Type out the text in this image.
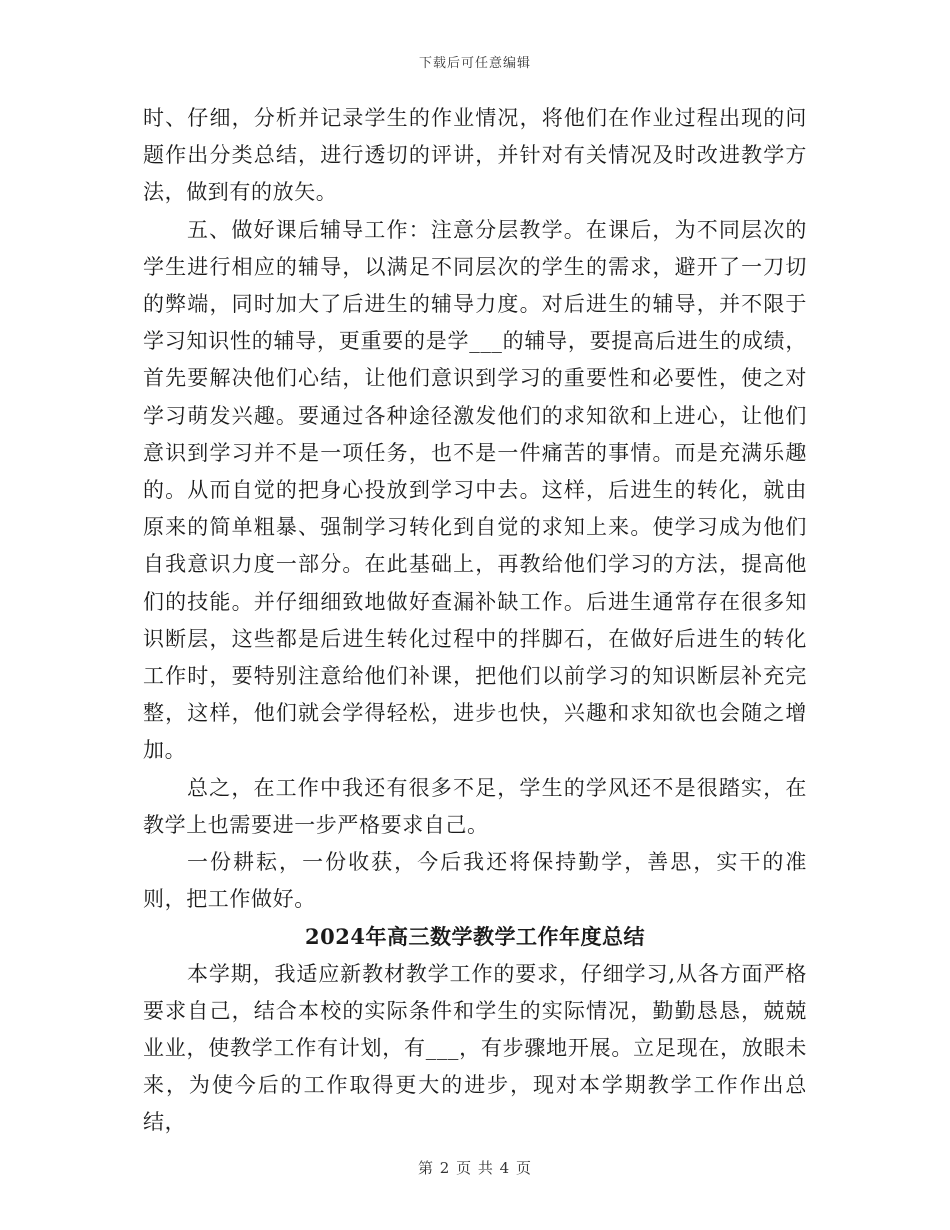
下载后可任意编辑

时、仔细，分析并记录学生的作业情况，将他们在作业过程出现的问题作出分类总结，进行透切的评讲，并针对有关情况及时改进教学方法，做到有的放矢。

五、做好课后辅导工作：注意分层教学。在课后，为不同层次的学生进行相应的辅导，以满足不同层次的学生的需求，避开了一刀切的弊端，同时加大了后进生的辅导力度。对后进生的辅导，并不限于学习知识性的辅导，更重要的是学___的辅导，要提高后进生的成绩，首先要解决他们心结，让他们意识到学习的重要性和必要性，使之对学习萌发兴趣。要通过各种途径激发他们的求知欲和上进心，让他们意识到学习并不是一项任务，也不是一件痛苦的事情。而是充满乐趣的。从而自觉的把身心投放到学习中去。这样，后进生的转化，就由原来的简单粗暴、强制学习转化到自觉的求知上来。使学习成为他们自我意识力度一部分。在此基础上，再教给他们学习的方法，提高他们的技能。并仔细细致地做好查漏补缺工作。后进生通常存在很多知识断层，这些都是后进生转化过程中的拌脚石，在做好后进生的转化工作时，要特别注意给他们补课，把他们以前学习的知识断层补充完整，这样，他们就会学得轻松，进步也快，兴趣和求知欲也会随之增加。

总之，在工作中我还有很多不足，学生的学风还不是很踏实，在教学上也需要进一步严格要求自己。

一份耕耘，一份收获，今后我还将保持勤学，善思，实干的准则，把工作做好。

2024年高三数学教学工作年度总结

本学期，我适应新教材教学工作的要求，仔细学习,从各方面严格要求自己，结合本校的实际条件和学生的实际情况，勤勤恳恳，兢兢业业，使教学工作有计划，有___，有步骤地开展。立足现在，放眼未来，为使今后的工作取得更大的进步，现对本学期教学工作作出总结，

第 2 页 共 4 页
